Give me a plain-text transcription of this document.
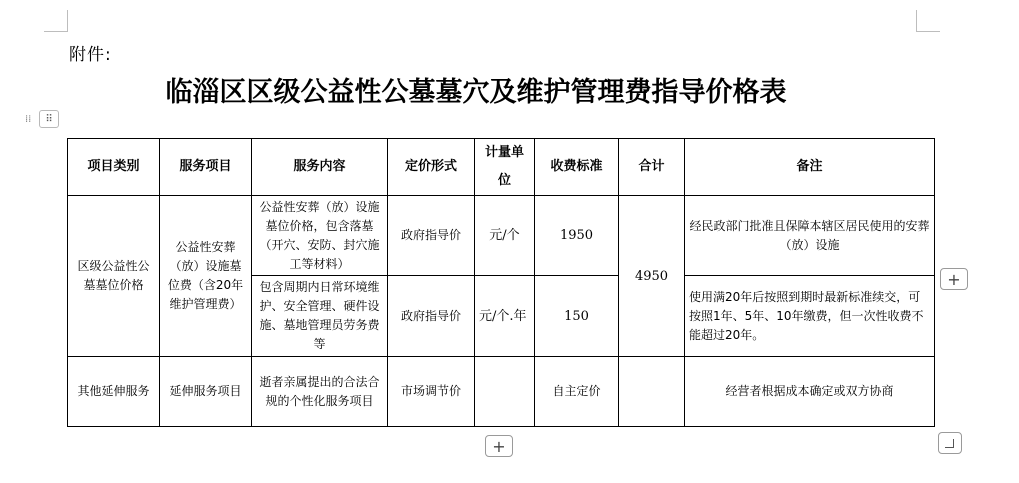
附件:
临淄区区级公益性公墓墓穴及维护管理费指导价格表
⁞⁞	⠿
项目类别	服务项目	服务内容	定价形式	计量单位	收费标准	合计	备注
区级公益性公墓墓位价格	公益性安葬（放）设施墓位费（含20年维护管理费）	公益性安葬（放）设施墓位价格，包含落墓（开穴、安防、封穴施工等材料）	政府指导价	元/个	1950	4950	经民政部门批准且保障本辖区居民使用的安葬（放）设施
		包含周期内日常环境维护、安全管理、硬件设施、墓地管理员劳务费等	政府指导价	元/个.年	150		使用满20年后按照到期时最新标准续交，可按照1年、5年、10年缴费，但一次性收费不能超过20年。
其他延伸服务	延伸服务项目	逝者亲属提出的合法合规的个性化服务项目	市场调节价		自主定价		经营者根据成本确定或双方协商
+
+
